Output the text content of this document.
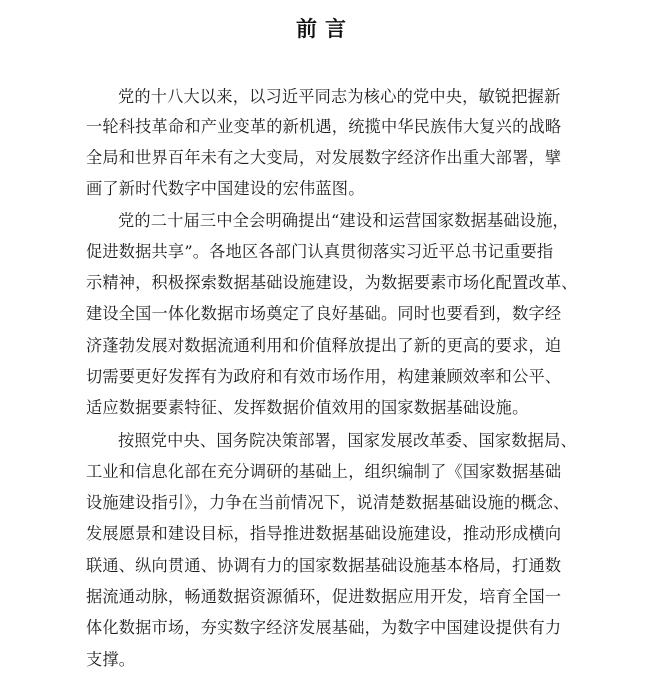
前言
党的十八大以来，以习近平同志为核心的党中央，敏锐把握新
一轮科技革命和产业变革的新机遇，统揽中华民族伟大复兴的战略
全局和世界百年未有之大变局，对发展数字经济作出重大部署，擘
画了新时代数字中国建设的宏伟蓝图。
党的二十届三中全会明确提出“建设和运营国家数据基础设施，
促进数据共享”。各地区各部门认真贯彻落实习近平总书记重要指
示精神，积极探索数据基础设施建设，为数据要素市场化配置改革、
建设全国一体化数据市场奠定了良好基础。同时也要看到，数字经
济蓬勃发展对数据流通利用和价值释放提出了新的更高的要求，迫
切需要更好发挥有为政府和有效市场作用，构建兼顾效率和公平、
适应数据要素特征、发挥数据价值效用的国家数据基础设施。
按照党中央、国务院决策部署，国家发展改革委、国家数据局、
工业和信息化部在充分调研的基础上，组织编制了《国家数据基础
设施建设指引》，力争在当前情况下，说清楚数据基础设施的概念、
发展愿景和建设目标，指导推进数据基础设施建设，推动形成横向
联通、纵向贯通、协调有力的国家数据基础设施基本格局，打通数
据流通动脉，畅通数据资源循环，促进数据应用开发，培育全国一
体化数据市场，夯实数字经济发展基础，为数字中国建设提供有力
支撑。
